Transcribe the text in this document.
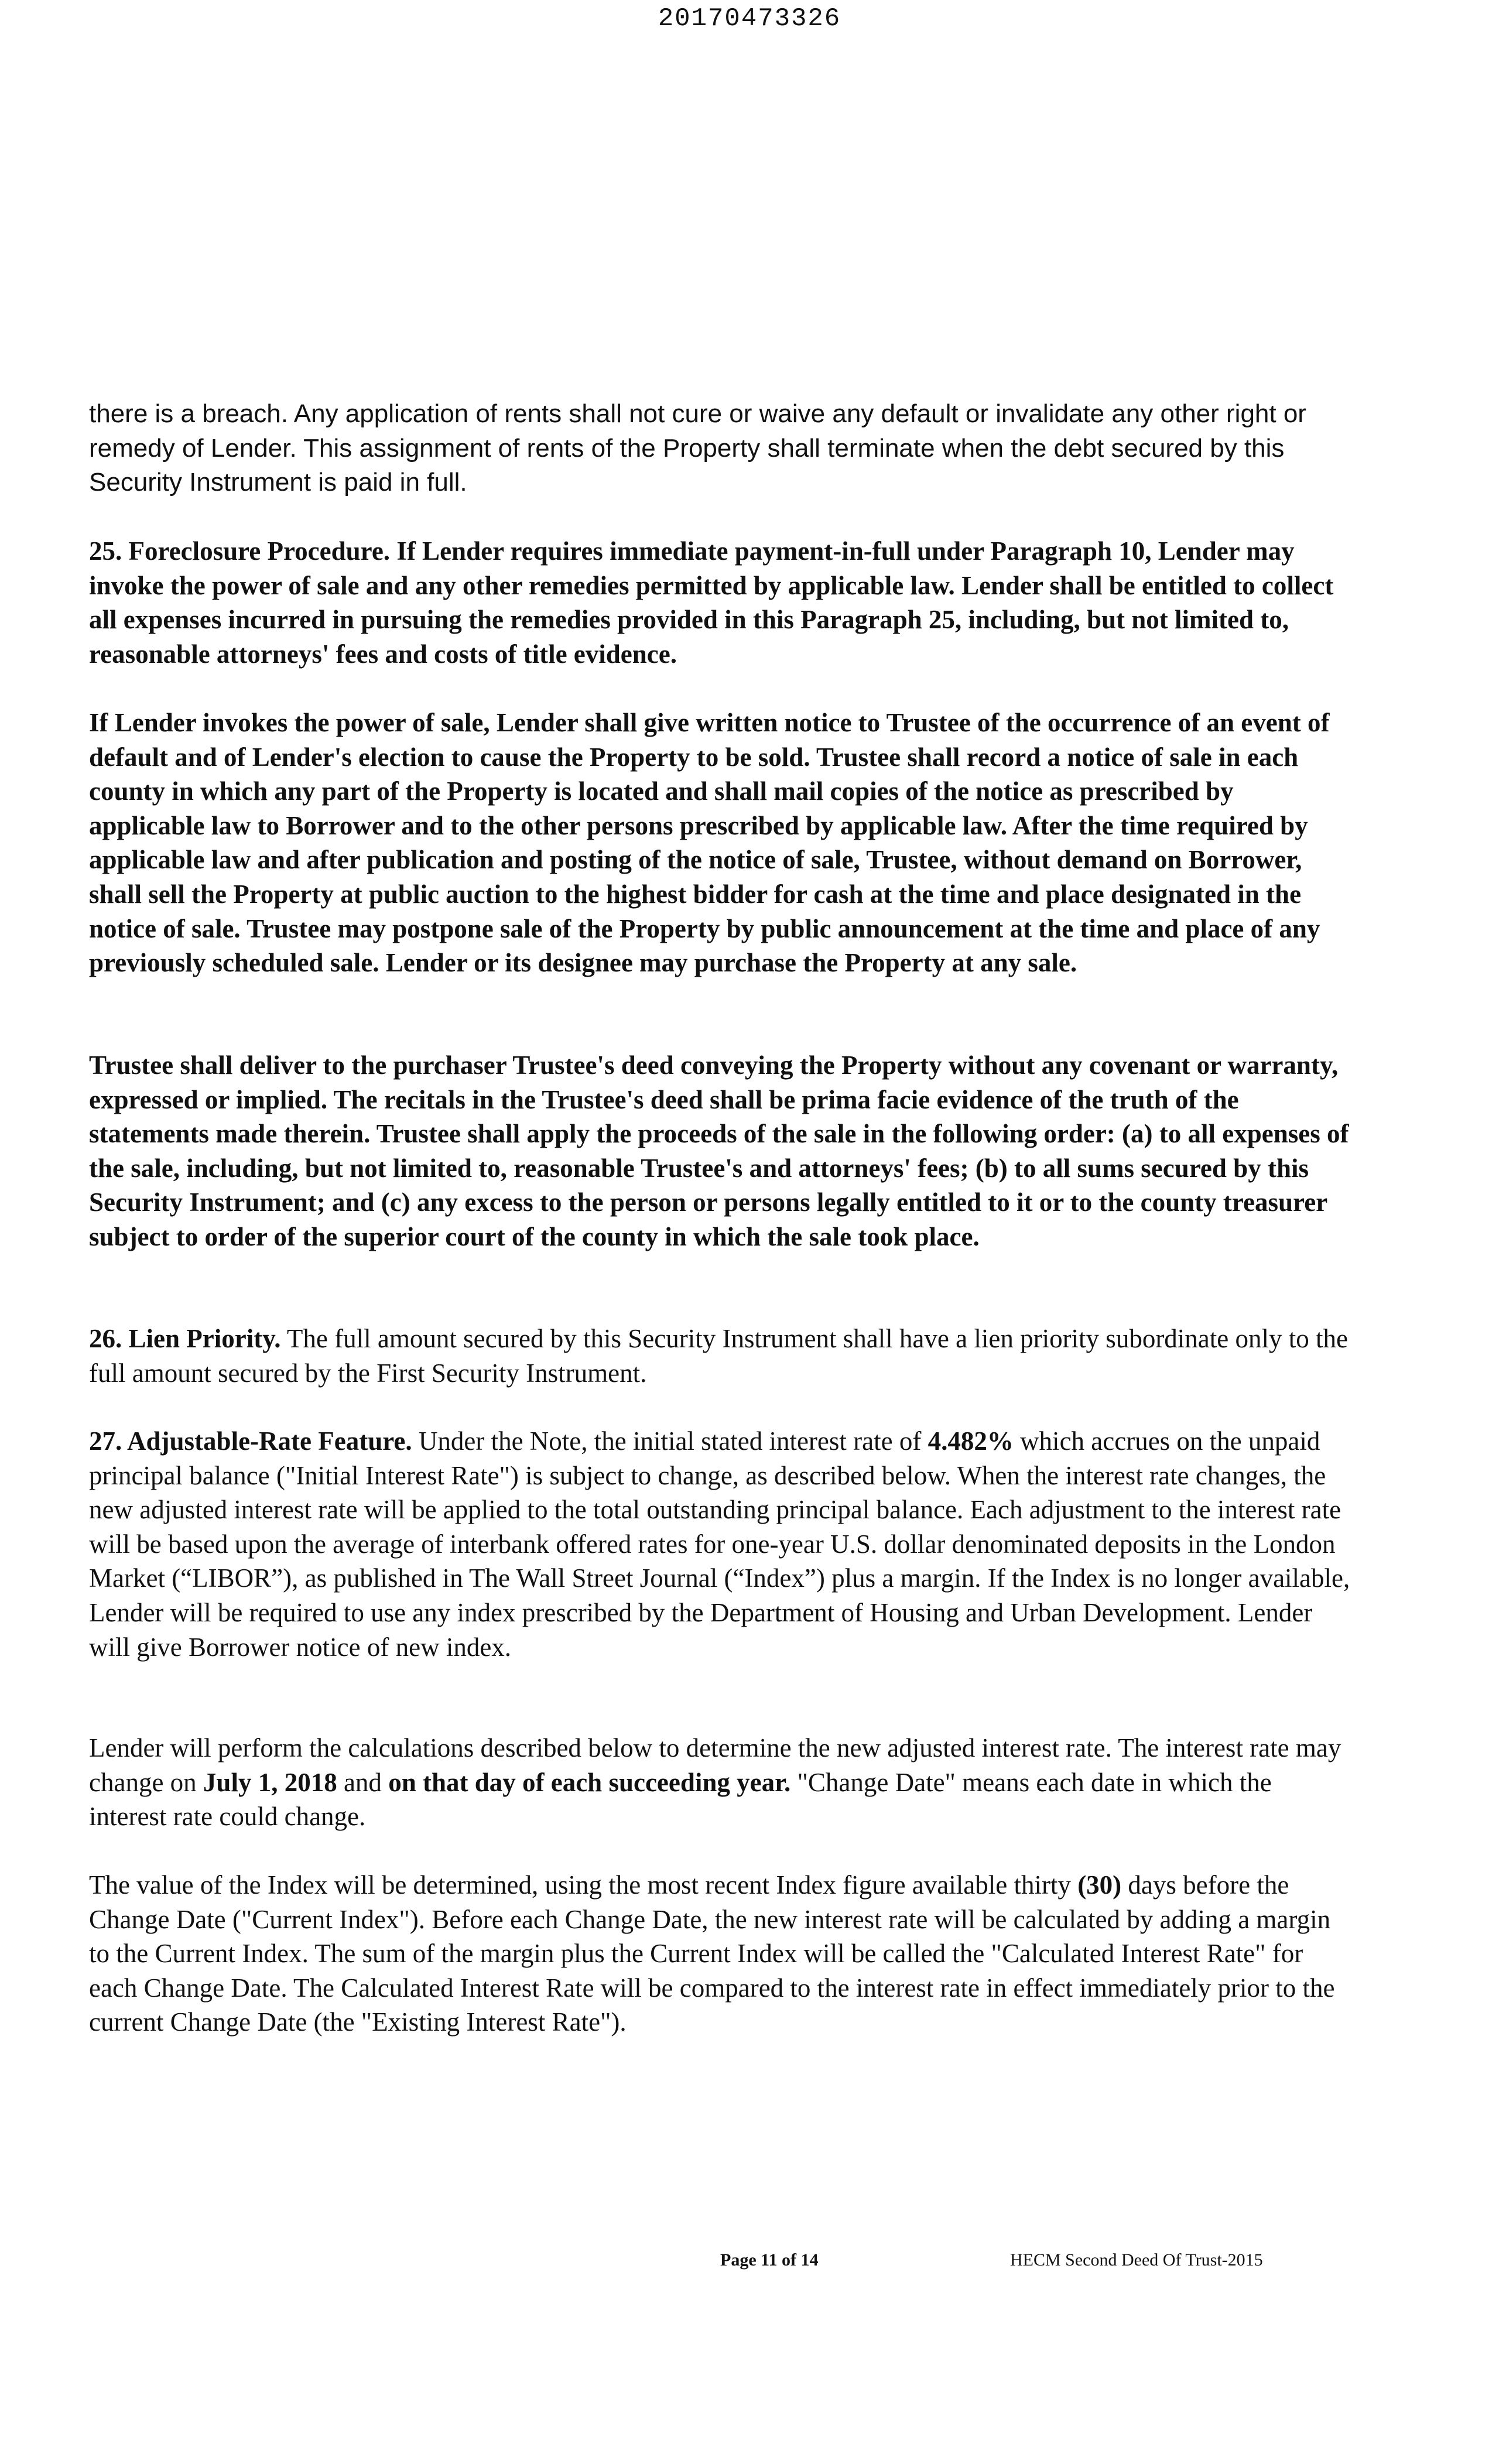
20170473326

there is a breach. Any application of rents shall not cure or waive any default or invalidate any other right or remedy of Lender. This assignment of rents of the Property shall terminate when the debt secured by this Security Instrument is paid in full.

25. Foreclosure Procedure. If Lender requires immediate payment-in-full under Paragraph 10, Lender may invoke the power of sale and any other remedies permitted by applicable law. Lender shall be entitled to collect all expenses incurred in pursuing the remedies provided in this Paragraph 25, including, but not limited to, reasonable attorneys' fees and costs of title evidence.

If Lender invokes the power of sale, Lender shall give written notice to Trustee of the occurrence of an event of default and of Lender's election to cause the Property to be sold. Trustee shall record a notice of sale in each county in which any part of the Property is located and shall mail copies of the notice as prescribed by applicable law to Borrower and to the other persons prescribed by applicable law. After the time required by applicable law and after publication and posting of the notice of sale, Trustee, without demand on Borrower, shall sell the Property at public auction to the highest bidder for cash at the time and place designated in the notice of sale. Trustee may postpone sale of the Property by public announcement at the time and place of any previously scheduled sale. Lender or its designee may purchase the Property at any sale.

Trustee shall deliver to the purchaser Trustee's deed conveying the Property without any covenant or warranty, expressed or implied. The recitals in the Trustee's deed shall be prima facie evidence of the truth of the statements made therein. Trustee shall apply the proceeds of the sale in the following order: (a) to all expenses of the sale, including, but not limited to, reasonable Trustee's and attorneys' fees; (b) to all sums secured by this Security Instrument; and (c) any excess to the person or persons legally entitled to it or to the county treasurer subject to order of the superior court of the county in which the sale took place.

26. Lien Priority. The full amount secured by this Security Instrument shall have a lien priority subordinate only to the full amount secured by the First Security Instrument.

27. Adjustable-Rate Feature. Under the Note, the initial stated interest rate of 4.482% which accrues on the unpaid principal balance ("Initial Interest Rate") is subject to change, as described below. When the interest rate changes, the new adjusted interest rate will be applied to the total outstanding principal balance. Each adjustment to the interest rate will be based upon the average of interbank offered rates for one-year U.S. dollar denominated deposits in the London Market (“LIBOR”), as published in The Wall Street Journal (“Index”) plus a margin. If the Index is no longer available, Lender will be required to use any index prescribed by the Department of Housing and Urban Development. Lender will give Borrower notice of new index.

Lender will perform the calculations described below to determine the new adjusted interest rate. The interest rate may change on July 1, 2018 and on that day of each succeeding year. "Change Date" means each date in which the interest rate could change.

The value of the Index will be determined, using the most recent Index figure available thirty (30) days before the Change Date ("Current Index"). Before each Change Date, the new interest rate will be calculated by adding a margin to the Current Index. The sum of the margin plus the Current Index will be called the "Calculated Interest Rate" for each Change Date. The Calculated Interest Rate will be compared to the interest rate in effect immediately prior to the current Change Date (the "Existing Interest Rate").

Page 11 of 14	HECM Second Deed Of Trust-2015
